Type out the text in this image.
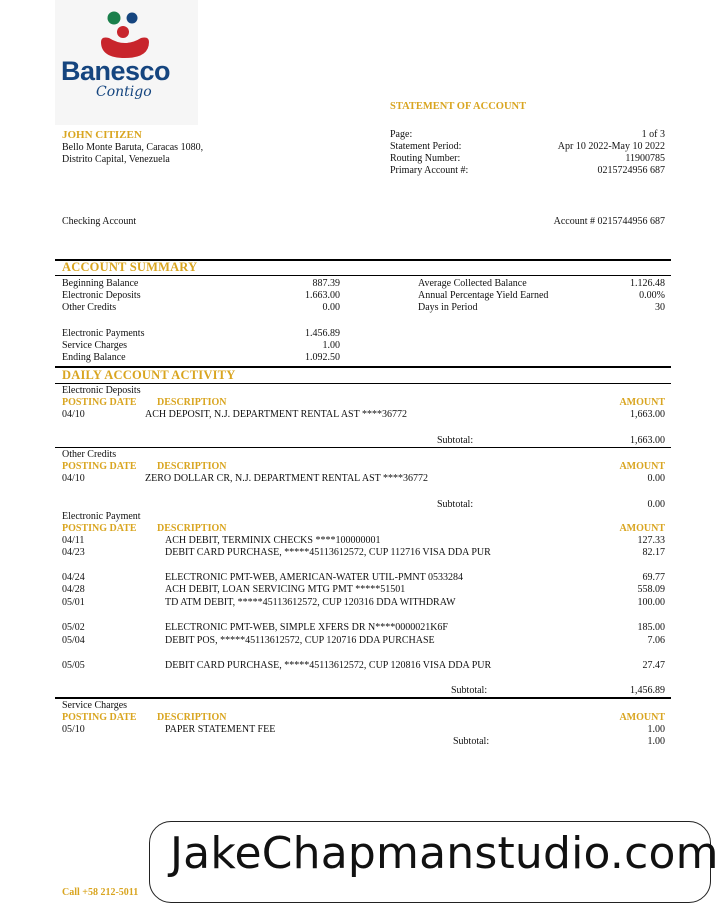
Banesco
Contigo
STATEMENT OF ACCOUNT
JOHN CITIZEN
Bello Monte Baruta, Caracas 1080,
Distrito Capital, Venezuela
Page:	1 of 3
Statement Period:	Apr 10 2022-May 10 2022
Routing Number:	11900785
Primary Account #:	0215724956 687
Checking Account	Account # 0215744956 687
ACCOUNT SUMMARY
Beginning Balance	887.39
Electronic Deposits	1.663.00
Other Credits	0.00
Electronic Payments	1.456.89
Service Charges	1.00
Ending Balance	1.092.50
Average Collected Balance	1.126.48
Annual Percentage Yield Earned	0.00%
Days in Period	30
DAILY ACCOUNT ACTIVITY
Electronic Deposits
POSTING DATE DESCRIPTION	AMOUNT
04/10	ACH DEPOSIT, N.J. DEPARTMENT RENTAL AST ****36772	1,663.00
Subtotal:	1,663.00
Other Credits
POSTING DATE DESCRIPTION	AMOUNT
04/10	ZERO DOLLAR CR, N.J. DEPARTMENT RENTAL AST ****36772	0.00
Subtotal:	0.00
Electronic Payment
POSTING DATE DESCRIPTION	AMOUNT
04/11	ACH DEBIT, TERMINIX CHECKS ****100000001	127.33
04/23	DEBIT CARD PURCHASE, *****45113612572, CUP 112716 VISA DDA PUR	82.17
04/24	ELECTRONIC PMT-WEB, AMERICAN-WATER UTIL-PMNT 0533284	69.77
04/28	ACH DEBIT, LOAN SERVICING MTG PMT *****51501	558.09
05/01	TD ATM DEBIT, *****45113612572, CUP 120316 DDA WITHDRAW	100.00
05/02	ELECTRONIC PMT-WEB, SIMPLE XFERS DR N****0000021K6F	185.00
05/04	DEBIT POS, *****45113612572, CUP 120716 DDA PURCHASE	7.06
05/05	DEBIT CARD PURCHASE, *****45113612572, CUP 120816 VISA DDA PUR	27.47
Subtotal:	1,456.89
Service Charges
POSTING DATE DESCRIPTION	AMOUNT
05/10	PAPER STATEMENT FEE	1.00
Subtotal:	1.00
Call +58 212-5011
JakeChapmanstudio.com
